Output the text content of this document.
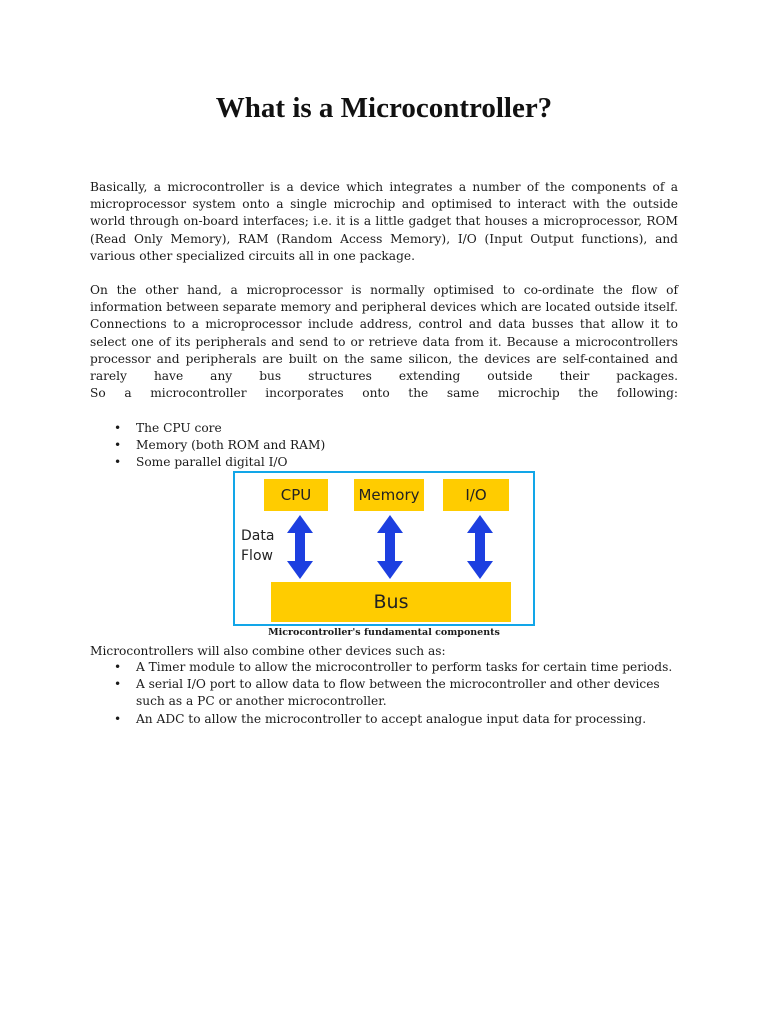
What is a Microcontroller?

Basically, a microcontroller is a device which integrates a number of the components of a microprocessor system onto a single microchip and optimised to interact with the outside world through on-board interfaces; i.e. it is a little gadget that houses a microprocessor, ROM (Read Only Memory), RAM (Random Access Memory), I/O (Input Output functions), and various other specialized circuits all in one package.

On the other hand, a microprocessor is normally optimised to co-ordinate the flow of information between separate memory and peripheral devices which are located outside itself. Connections to a microprocessor include address, control and data busses that allow it to select one of its peripherals and send to or retrieve data from it. Because a microcontrollers processor and peripherals are built on the same silicon, the devices are self-contained and rarely have any bus structures extending outside their packages.
So a microcontroller incorporates onto the same microchip the following:
• The CPU core
• Memory (both ROM and RAM)
• Some parallel digital I/O
CPU	Memory	I/O
Data
Flow
Bus
Microcontroller's fundamental components

Microcontrollers will also combine other devices such as:

• A Timer module to allow the microcontroller to perform tasks for certain time periods.
• A serial I/O port to allow data to flow between the microcontroller and other devices such as a PC or another microcontroller.
• An ADC to allow the microcontroller to accept analogue input data for processing.
